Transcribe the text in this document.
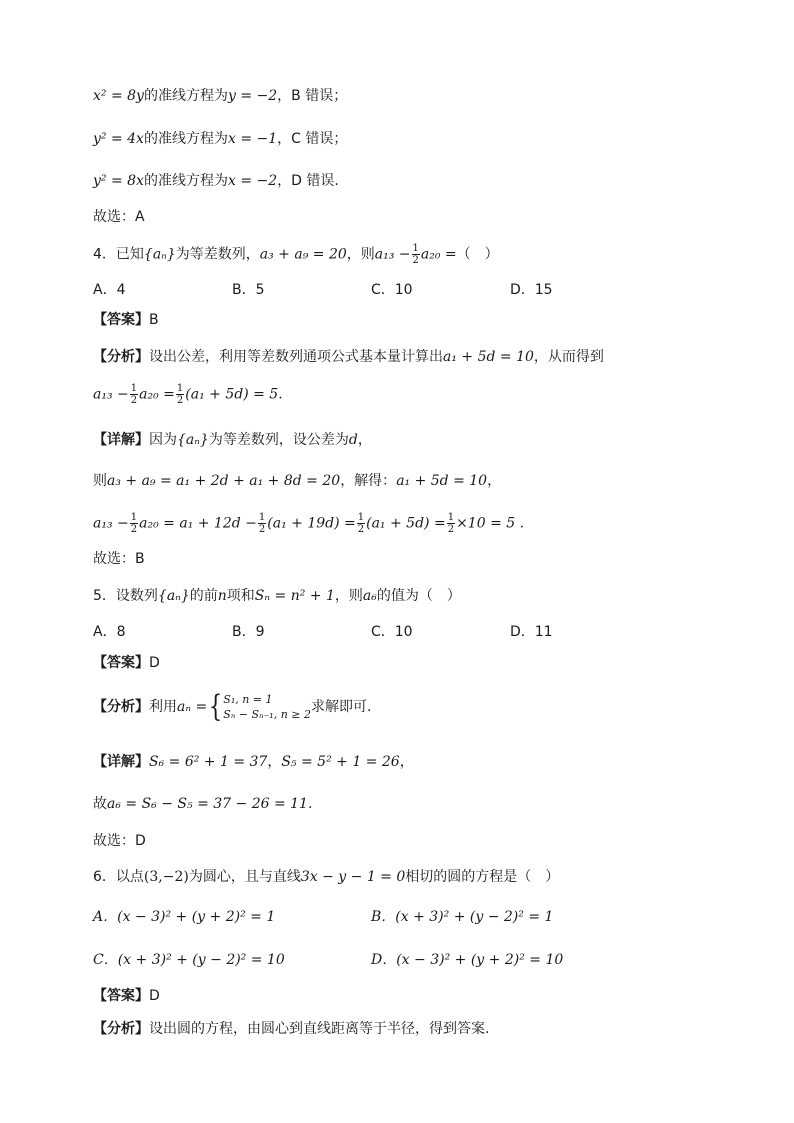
x² = 8y的准线方程为y = −2，B 错误；
y² = 4x的准线方程为x = −1，C 错误；
y² = 8x的准线方程为x = −2，D 错误.
故选：A
4．已知{aₙ}为等差数列，a₃ + a₉ = 20，则$a_{13} - \frac{1}{2} a_{20}$ =（　）
A．4	B．5	C．10	D．15
【答案】B
【分析】设出公差，利用等差数列通项公式基本量计算出a₁ + 5d = 10，从而得到
$a_{13} - \frac{1}{2} a_{20} = \frac{1}{2} (a_1 + 5d) = 5$.
【详解】因为{aₙ}为等差数列，设公差为d，
则a₃ + a₉ = a₁ + 2d + a₁ + 8d = 20，解得：a₁ + 5d = 10，
$a_{13} - \frac{1}{2} a_{20} = a_1 + 12d - \frac{1}{2} (a_1 + 19d) = \frac{1}{2} (a_1 + 5d) = \frac{1}{2} \times 10 = 5$ .
故选：B
5．设数列{aₙ}的前n项和Sₙ = n² + 1，则a₆的值为（　）
A．8	B．9	C．10	D．11
【答案】D
【分析】利用aₙ ={ S₁, n = 1
Sₙ − Sₙ₋₁, n ≥ 2 求解即可.
【详解】S₆ = 6² + 1 = 37，S₅ = 5² + 1 = 26，
故a₆ = S₆ − S₅ = 37 − 26 = 11.
故选：D
6．以点(3,−2)为圆心，且与直线3x − y − 1 = 0相切的圆的方程是（　）
A．(x − 3)² + (y + 2)² = 1	B．(x + 3)² + (y − 2)² = 1
C．(x + 3)² + (y − 2)² = 10	D．(x − 3)² + (y + 2)² = 10
【答案】D
【分析】设出圆的方程，由圆心到直线距离等于半径，得到答案.
